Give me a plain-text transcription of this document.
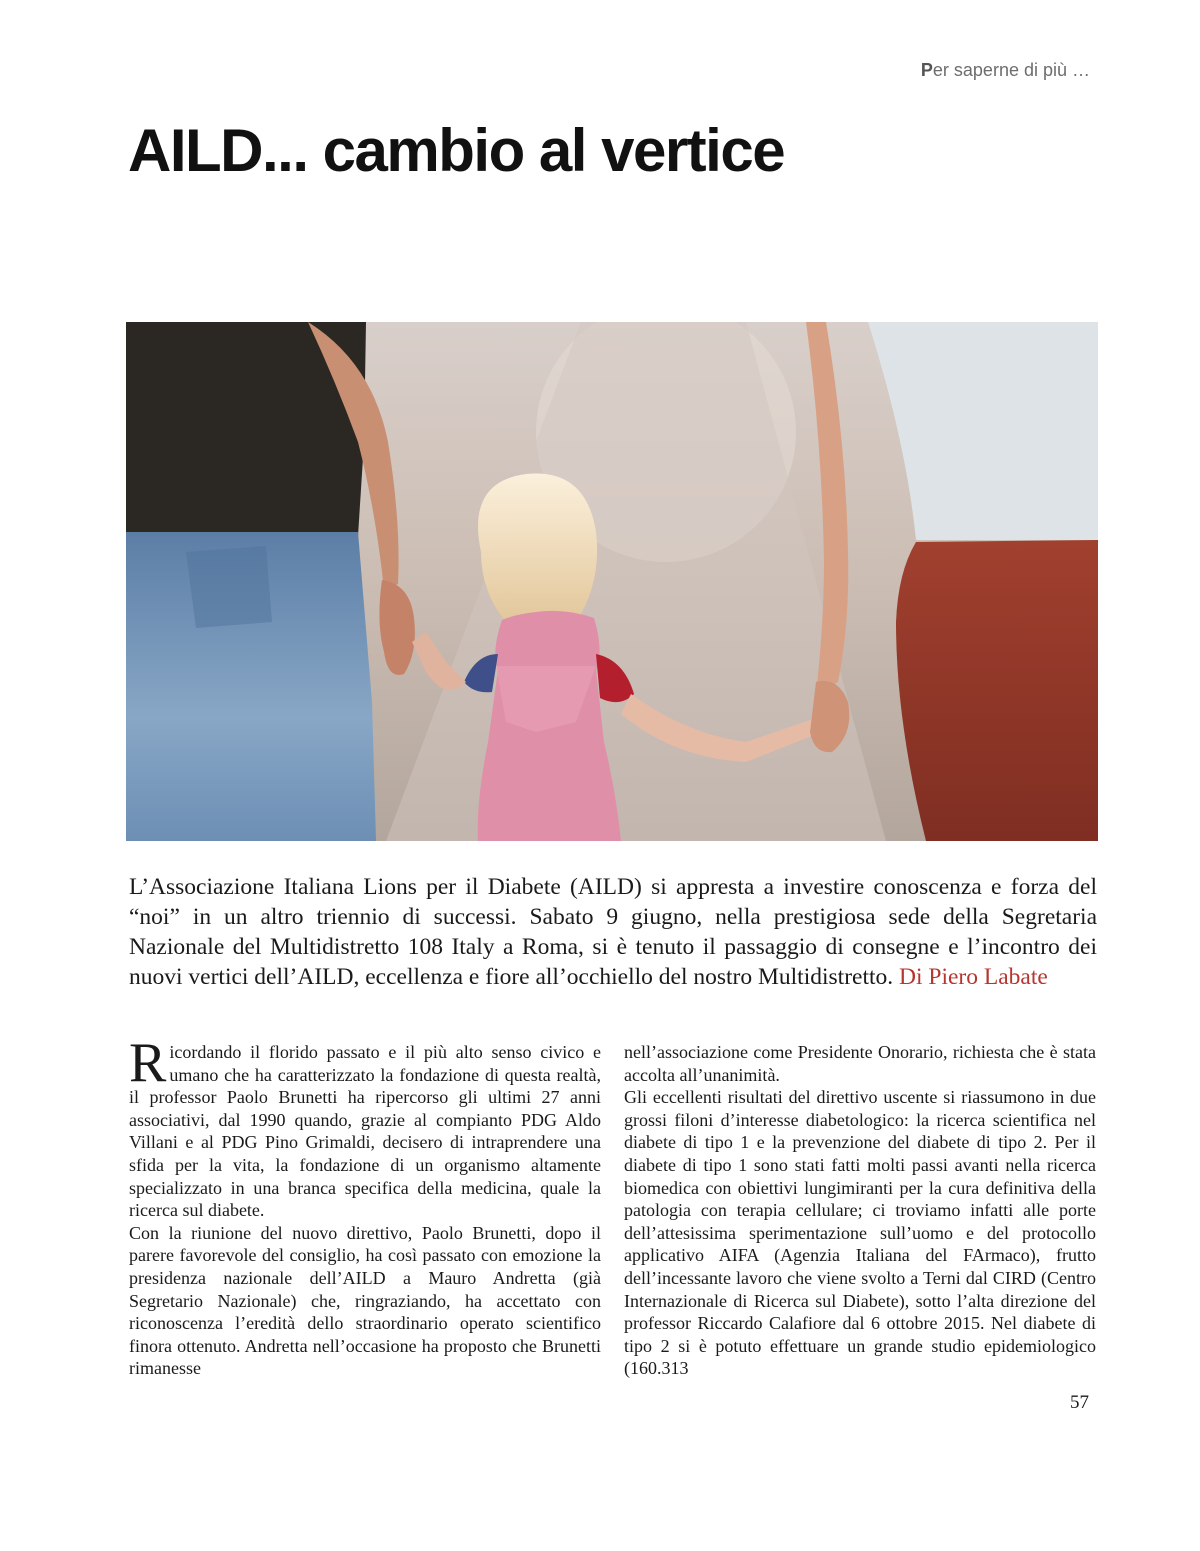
Per saperne di più …
AILD... cambio al vertice

L’Associazione Italiana Lions per il Diabete (AILD) si appresta a investire conoscenza e forza del “noi” in un altro triennio di successi. Sabato 9 giugno, nella prestigiosa sede della Segretaria Nazionale del Multidistretto 108 Italy a Roma, si è tenuto il passaggio di consegne e l’incontro dei nuovi vertici dell’AILD, eccellenza e fiore all’occhiello del nostro Multidistretto. Di Piero Labate

Ricordando il florido passato e il più alto senso civico e umano che ha caratterizzato la fondazione di questa realtà, il professor Paolo Brunetti ha ripercorso gli ultimi 27 anni associativi, dal 1990 quando, grazie al compianto PDG Aldo Villani e al PDG Pino Grimaldi, decisero di intraprendere una sfida per la vita, la fondazione di un organismo altamente specializzato in una branca specifica della medicina, quale la ricerca sul diabete.

Con la riunione del nuovo direttivo, Paolo Brunetti, dopo il parere favorevole del consiglio, ha così passato con emozione la presidenza nazionale dell’AILD a Mauro Andretta (già Segretario Nazionale) che, ringraziando, ha accettato con riconoscenza l’eredità dello straordinario operato scientifico finora ottenuto. Andretta nell’occasione ha proposto che Brunetti rimanesse

nell’associazione come Presidente Onorario, richiesta che è stata accolta all’unanimità.

Gli eccellenti risultati del direttivo uscente si riassumono in due grossi filoni d’interesse diabetologico: la ricerca scientifica nel diabete di tipo 1 e la prevenzione del diabete di tipo 2. Per il diabete di tipo 1 sono stati fatti molti passi avanti nella ricerca biomedica con obiettivi lungimiranti per la cura definitiva della patologia con terapia cellulare; ci troviamo infatti alle porte dell’attesissima sperimentazione sull’uomo e del protocollo applicativo AIFA (Agenzia Italiana del FArmaco), frutto dell’incessante lavoro che viene svolto a Terni dal CIRD (Centro Internazionale di Ricerca sul Diabete), sotto l’alta direzione del professor Riccardo Calafiore dal 6 ottobre 2015. Nel diabete di tipo 2 si è potuto effettuare un grande studio epidemiologico (160.313

57
